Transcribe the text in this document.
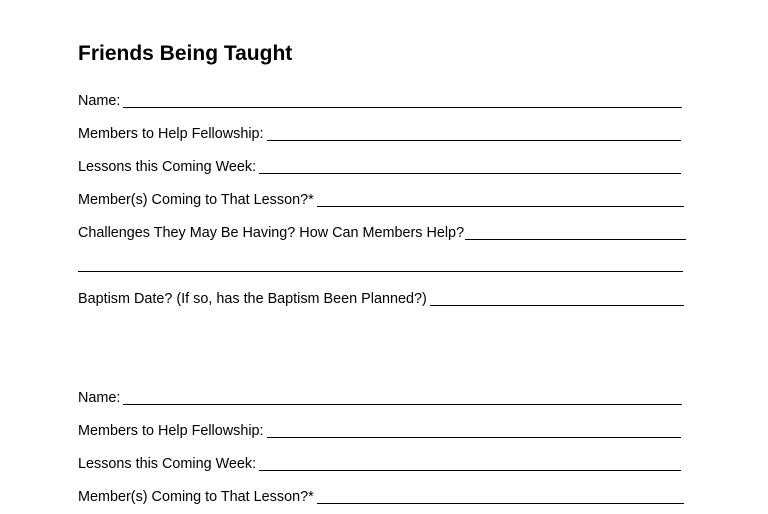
Friends Being Taught
Name:
Members to Help Fellowship:
Lessons this Coming Week:
Member(s) Coming to That Lesson?*
Challenges They May Be Having? How Can Members Help?
Baptism Date? (If so, has the Baptism Been Planned?)
Name:
Members to Help Fellowship:
Lessons this Coming Week:
Member(s) Coming to That Lesson?*
